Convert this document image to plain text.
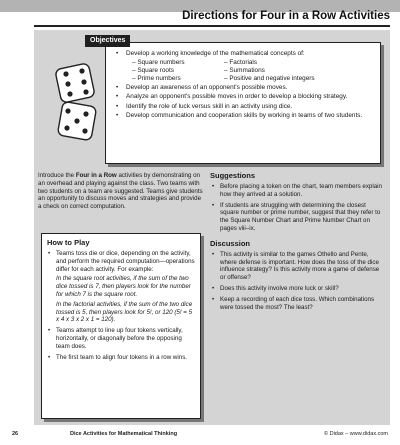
Directions for Four in a Row Activities
• Develop a working knowledge of the mathematical concepts of:
– Square numbers	– Factorials
– Square roots	– Summations
– Prime numbers	– Positive and negative integers
• Develop an awareness of an opponent's possible moves.
• Analyze an opponent's possible moves in order to develop a blocking strategy.
• Identify the role of luck versus skill in an activity using dice.
• Develop communication and cooperation skills by working in teams of two students.
Objectives

Introduce the Four in a Row activities by demonstrating on an overhead and playing against the class. Two teams with two students on a team are suggested. Teams give students an opportunity to discuss moves and strategies and provide a check on correct computation.

How to Play
• Teams toss die or dice, depending on the activity, and perform the required computation—operations differ for each activity. For example:

In the square root activities, if the sum of the two dice tossed is 7, then players look for the number for which 7 is the square root.

In the factorial activities, if the sum of the two dice tossed is 5, then players look for 5!, or 120 (5! = 5 x 4 x 3 x 2 x 1 = 120).

• Teams attempt to line up four tokens vertically, horizontally, or diagonally before the opposing team does.
• The first team to align four tokens in a row wins.
Suggestions
• Before placing a token on the chart, team members explain how they arrived at a solution.
• If students are struggling with determining the closest square number or prime number, suggest that they refer to the Square Number Chart and Prime Number Chart on pages viii–ix.
Discussion
• This activity is similar to the games Othello and Pente, where defense is important. How does the toss of the dice influence strategy? Is this activity more a game of defense or offense?
• Does this activity involve more luck or skill?
• Keep a recording of each dice toss. Which combinations were tossed the most? The least?
26	Dice Activities for Mathematical Thinking	© Didax – www.didax.com
